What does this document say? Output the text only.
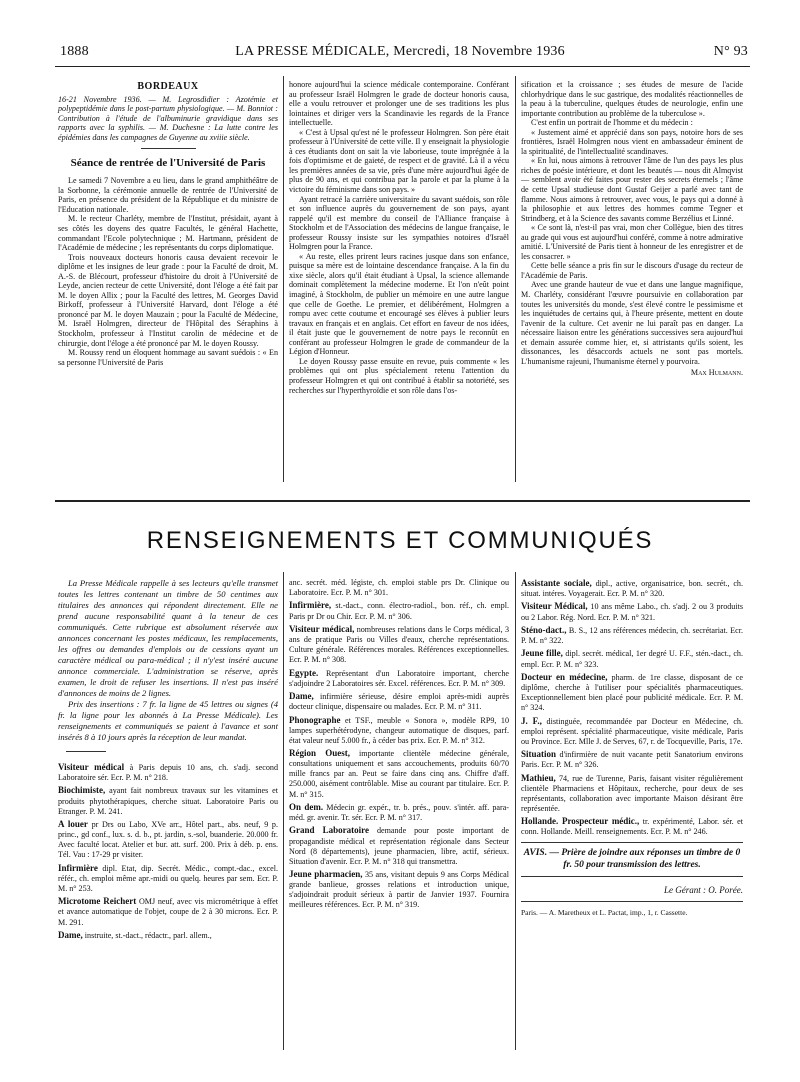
1888	LA PRESSE MÉDICALE, Mercredi, 18 Novembre 1936	N° 93
BORDEAUX

16-21 Novembre 1936. — M. Legrosdidier : Azotémie et polypeptidémie dans le post-partum physiologique. — M. Bonniot : Contribution à l'étude de l'albuminurie gravidique dans ses rapports avec la syphilis. — M. Duchesne : La lutte contre les épidémies dans les campagnes de Guyenne au xviiie siècle.

Séance de rentrée de l'Université de Paris

Le samedi 7 Novembre a eu lieu, dans le grand amphithéâtre de la Sorbonne, la cérémonie annuelle de rentrée de l'Université de Paris, en présence du président de la République et du ministre de l'Education nationale.

M. le recteur Charléty, membre de l'Institut, présidait, ayant à ses côtés les doyens des quatre Facultés, le général Hachette, commandant l'Ecole polytechnique ; M. Hartmann, président de l'Académie de médecine ; les représentants du corps diplomatique.

Trois nouveaux docteurs honoris causa devaient recevoir le diplôme et les insignes de leur grade : pour la Faculté de droit, M. A.-S. de Blécourt, professeur d'histoire du droit à l'Université de Leyde, ancien recteur de cette Université, dont l'éloge a été fait par M. le doyen Allix ; pour la Faculté des lettres, M. Georges David Birkoff, professeur à l'Université Harvard, dont l'éloge a été prononcé par M. le doyen Mauzain ; pour la Faculté de Médecine, M. Israël Holmgren, directeur de l'Hôpital des Séraphins à Stockholm, professeur à l'Institut carolin de médecine et de chirurgie, dont l'éloge a été prononcé par M. le doyen Roussy.

M. Roussy rend un éloquent hommage au savant suédois : « En sa personne l'Université de Paris

honore aujourd'hui la science médicale contemporaine. Conférant au professeur Israël Holmgren le grade de docteur honoris causa, elle a voulu retrouver et prolonger une de ses traditions les plus lointaines et diriger vers la Scandinavie les regards de la France intellectuelle.

« C'est à Upsal qu'est né le professeur Holmgren. Son père était professeur à l'Université de cette ville. Il y enseignait la physiologie à ces étudiants dont on sait la vie laborieuse, toute imprégnée à la fois d'optimisme et de gaieté, de respect et de gravité. Là il a vécu les premières années de sa vie, près d'une mère aujourd'hui âgée de plus de 90 ans, et qui contribua par la parole et par la plume à la victoire du féminisme dans son pays. »

Ayant retracé la carrière universitaire du savant suédois, son rôle et son influence auprès du gouvernement de son pays, ayant rappelé qu'il est membre du conseil de l'Alliance française à Stockholm et de l'Association des médecins de langue française, le professeur Roussy insiste sur les sympathies notoires d'Israël Holmgren pour la France.

« Au reste, elles prirent leurs racines jusque dans son enfance, puisque sa mère est de lointaine descendance française. A la fin du xixe siècle, alors qu'il était étudiant à Upsal, la science allemande dominait complètement la médecine moderne. Et l'on n'eût point imaginé, à Stockholm, de publier un mémoire en une autre langue que celle de Goethe. Le premier, et délibérément, Holmgren a rompu avec cette coutume et encouragé ses élèves à publier leurs travaux en français et en anglais. Cet effort en faveur de nos idées, il était juste que le gouvernement de notre pays le reconnût en conférant au professeur Holmgren le grade de commandeur de la Légion d'Honneur.

Le doyen Roussy passe ensuite en revue, puis commente « les problèmes qui ont plus spécialement retenu l'attention du professeur Holmgren et qui ont contribué à établir sa notoriété, ses recherches sur l'hyperthyroïdie et son rôle dans l'os-

sification et la croissance ; ses études de mesure de l'acide chlorhydrique dans le suc gastrique, des modalités réactionnelles de la peau à la tuberculine, quelques études de neurologie, enfin une importante contribution au problème de la tuberculose ».

C'est enfin un portrait de l'homme et du médecin :

« Justement aimé et apprécié dans son pays, notoire hors de ses frontières, Israël Holmgren nous vient en ambassadeur éminent de la spiritualité, de l'intellectualité scandinaves.

« En lui, nous aimons à retrouver l'âme de l'un des pays les plus riches de poésie intérieure, et dont les beautés — nous dit Almqvist — semblent avoir été faites pour rester des secrets éternels ; l'âme de cette Upsal studieuse dont Gustaf Geijer a parlé avec tant de flamme. Nous aimons à retrouver, avec vous, le pays qui a donné à la philosophie et aux lettres des hommes comme Tegner et Strindberg, et à la Science des savants comme Berzélius et Linné.

« Ce sont là, n'est-il pas vrai, mon cher Collègue, bien des titres au grade qui vous est aujourd'hui conféré, comme à notre admirative amitié. L'Université de Paris tient à honneur de les enregistrer et de les consacrer. »

Cette belle séance a pris fin sur le discours d'usage du recteur de l'Académie de Paris.

Avec une grande hauteur de vue et dans une langue magnifique, M. Charléty, considérant l'œuvre poursuivie en collaboration par toutes les universités du monde, s'est élevé contre le pessimisme et les inquiétudes de certains qui, à l'heure présente, mettent en doute l'avenir de la culture. Cet avenir ne lui paraît pas en danger. La nécessaire liaison entre les générations successives sera aujourd'hui et demain assurée comme hier, et, si attristants qu'ils soient, les dissonances, les désaccords actuels ne sont pas mortels. L'humanisme rajeuni, l'humanisme éternel y pourvoira.

Max Hulmann.
RENSEIGNEMENTS ET COMMUNIQUÉS

La Presse Médicale rappelle à ses lecteurs qu'elle transmet toutes les lettres contenant un timbre de 50 centimes aux titulaires des annonces qui répondent directement. Elle ne prend aucune responsabilité quant à la teneur de ces communiqués. Cette rubrique est absolument réservée aux annonces concernant les postes médicaux, les remplacements, les offres ou demandes d'emplois ou de cessions ayant un caractère médical ou para-médical ; il n'y'est inséré aucune annonce commerciale. L'administration se réserve, après examen, le droit de refuser les insertions. Il n'est pas inséré d'annonces de moins de 2 lignes.

Prix des insertions : 7 fr. la ligne de 45 lettres ou signes (4 fr. la ligne pour les abonnés à La Presse Médicale). Les renseignements et communiqués se paient à l'avance et sont insérés 8 à 10 jours après la réception de leur mandat.

Visiteur médical à Paris depuis 10 ans, ch. s'adj. second Laboratoire sér. Ecr. P. M. n° 218.

Biochimiste, ayant fait nombreux travaux sur les vitamines et produits phytothérapiques, cherche situat. Laboratoire Paris ou Etranger. P. M. 241.

A louer pr Drs ou Labo, XVe arr., Hôtel part., abs. neuf, 9 p. princ., gd conf., lux. s. d. b., pt. jardin, s.-sol, buanderie. 20.000 fr. Avec faculté locat. Atelier et bur. att. surf. 200. Prix à déb. p. ens. Tél. Vau : 17-29 pr visiter.

Infirmière dipl. Etat, dip. Secrét. Médic., compt.-dac., excel. référ., ch. emploi même apr.-midi ou quelq. heures par sem. Ecr. P. M. n° 253.

Microtome Reichert OMJ neuf, avec vis micrométrique à effet et avance automatique de l'objet, coupe de 2 à 30 microns. Ecr. P. M. 291.

Dame, instruite, st.-dact., rédactr., parl. allem.,

anc. secrét. méd. légiste, ch. emploi stable prs Dr. Clinique ou Laboratoire. Ecr. P. M. n° 301.

Infirmière, st.-dact., conn. électro-radiol., bon. réf., ch. empl. Paris pr Dr ou Chir. Ecr. P. M. n° 306.

Visiteur médical, nombreuses relations dans le Corps médical, 3 ans de pratique Paris ou Villes d'eaux, cherche représentations. Culture générale. Références morales. Références exceptionnelles. Ecr. P. M. n° 308.

Egypte. Représentant d'un Laboratoire important, cherche s'adjoindre 2 Laboratoires sér. Excel. références. Ecr. P. M. n° 309.

Dame, infirmière sérieuse, désire emploi après-midi auprès docteur clinique, dispensaire ou malades. Ecr. P. M. n° 311.

Phonographe et TSF., meuble « Sonora », modèle RP9, 10 lampes superhétérodyne, changeur automatique de disques, parf. état valeur neuf 5.000 fr., à céder bas prix. Ecr. P. M. n° 312.

Région Ouest, importante clientèle médecine générale, consultations uniquement et sans accouchements, produits 60/70 mille francs par an. Peut se faire dans cinq ans. Chiffre d'aff. 250.000, aisément contrôlable. Mise au courant par titulaire. Ecr. P. M. n° 315.

On dem. Médecin gr. expér., tr. b. prés., pouv. s'intér. aff. para-méd. gr. avenir. Tr. sér. Ecr. P. M. n° 317.

Grand Laboratoire demande pour poste important de propagandiste médical et représentation régionale dans Secteur Nord (8 départements), jeune pharmacien, libre, actif, sérieux. Situation d'avenir. Ecr. P. M. n° 318 qui transmettra.

Jeune pharmacien, 35 ans, visitant depuis 9 ans Corps Médical grande banlieue, grosses relations et introduction unique, s'adjoindrait produit sérieux à partir de Janvier 1937. Fournira meilleures références. Ecr. P. M. n° 319.

Assistante sociale, dipl., active, organisatrice, bon. secrét., ch. situat. intéres. Voyagerait. Ecr. P. M. n° 320.

Visiteur Médical, 10 ans même Labo., ch. s'adj. 2 ou 3 produits ou 2 Labor. Rég. Nord. Ecr. P. M. n° 321.

Sténo-dact., B. S., 12 ans références médecin, ch. secrétariat. Ecr. P. M. n° 322.

Jeune fille, dipl. secrét. médical, 1er degré U. F.F., stén.-dact., ch. empl. Ecr. P. M. n° 323.

Docteur en médecine, pharm. de 1re classe, disposant de ce diplôme, cherche à l'utiliser pour spécialités pharmaceutiques. Exceptionnellement bien placé pour publicité médicale. Ecr. P. M. n° 324.

J. F., distinguée, recommandée par Docteur en Médecine, ch. emploi représent. spécialité pharmaceutique, visite médicale, Paris ou Province. Ecr. Mlle J. de Serves, 67, r. de Tocqueville, Paris, 17e.

Situation d'infirmière de nuit vacante petit Sanatorium environs Paris. Ecr. P. M. n° 326.

Mathieu, 74, rue de Turenne, Paris, faisant visiter régulièrement clientèle Pharmaciens et Hôpitaux, recherche, pour deux de ses représentants, collaboration avec importante Maison désirant être représentée.

Hollande. Prospecteur médic., tr. expérimenté, Labor. sér. et conn. Hollande. Meill. renseignements. Ecr. P. M. n° 246.

AVIS. — Prière de joindre aux réponses un timbre de 0 fr. 50 pour transmission des lettres.
Le Gérant : O. Porée.
Paris. — A. Maretheux et L. Pactat, imp., 1, r. Cassette.
